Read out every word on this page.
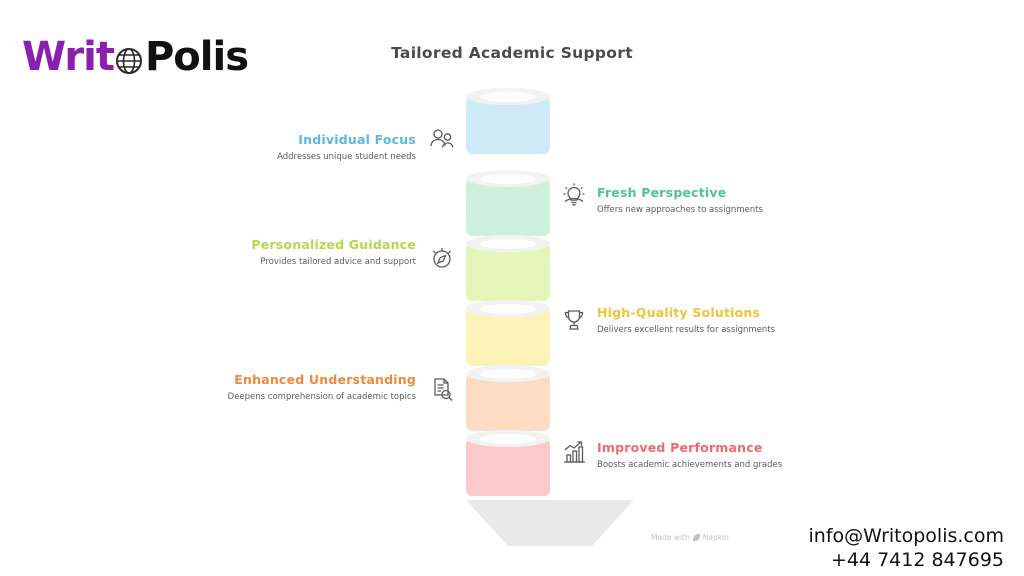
Writ Polis	Tailored Academic Support
Individual Focus
Addresses unique student needs
Fresh Perspective
Offers new approaches to assignments
Personalized Guidance
Provides tailored advice and support
High-Quality Solutions
Delivers excellent results for assignments
Enhanced Understanding
Deepens comprehension of academic topics
Improved Performance
Boosts academic achievements and grades
Made with Napkin	info@Writopolis.com
+44 7412 847695
